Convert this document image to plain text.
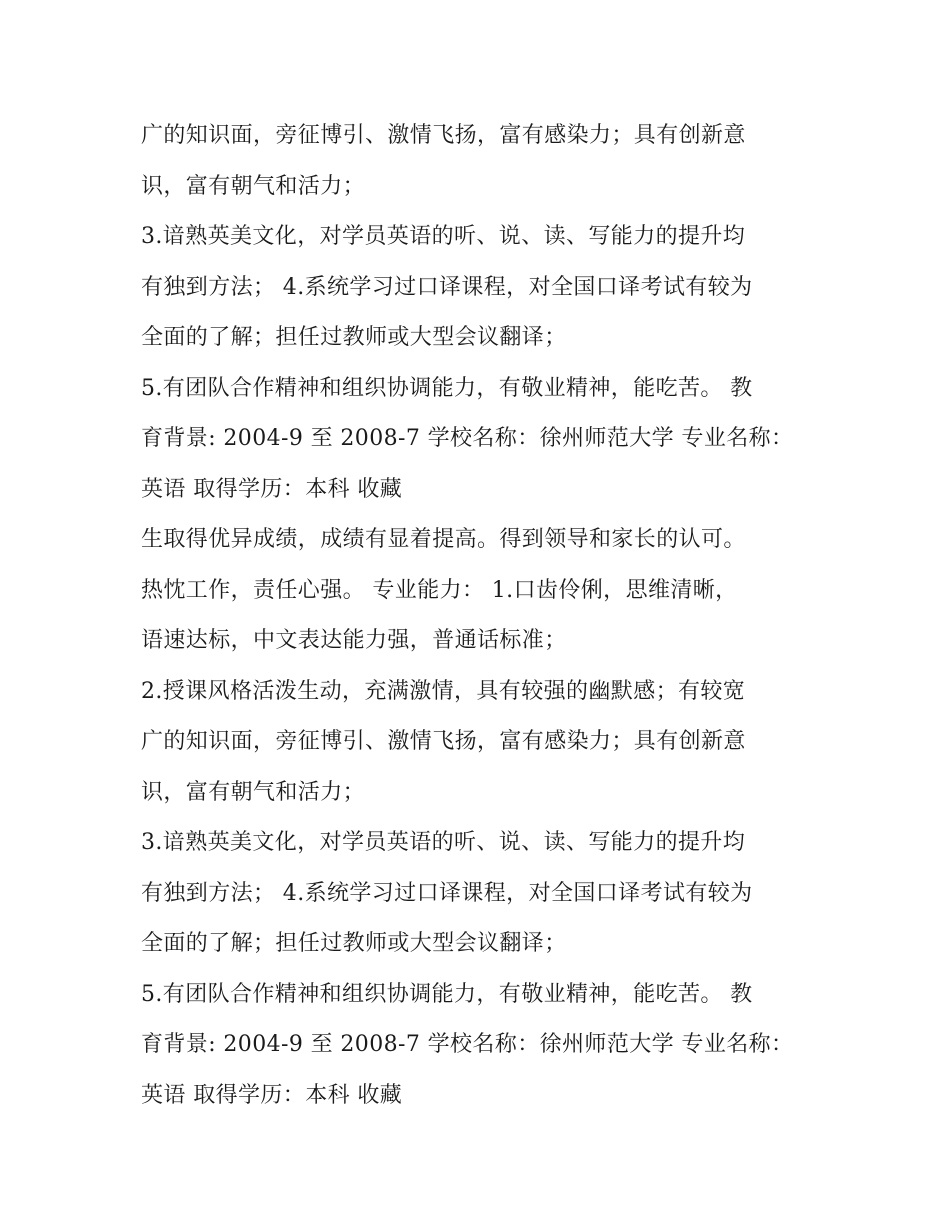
广的知识面，旁征博引、激情飞扬，富有感染力；具有创新意
识，富有朝气和活力；
3.谙熟英美文化，对学员英语的听、说、读、写能力的提升均
有独到方法； 4.系统学习过口译课程，对全国口译考试有较为
全面的了解；担任过教师或大型会议翻译；
5.有团队合作精神和组织协调能力，有敬业精神，能吃苦。 教
育背景: 2004-9 至 2008-7 学校名称：徐州师范大学 专业名称：
英语 取得学历：本科 收藏
生取得优异成绩，成绩有显着提高。得到领导和家长的认可。
热忱工作，责任心强。 专业能力： 1.口齿伶俐，思维清晰，
语速达标，中文表达能力强，普通话标准；
2.授课风格活泼生动，充满激情，具有较强的幽默感；有较宽
广的知识面，旁征博引、激情飞扬，富有感染力；具有创新意
识，富有朝气和活力；
3.谙熟英美文化，对学员英语的听、说、读、写能力的提升均
有独到方法； 4.系统学习过口译课程，对全国口译考试有较为
全面的了解；担任过教师或大型会议翻译；
5.有团队合作精神和组织协调能力，有敬业精神，能吃苦。 教
育背景: 2004-9 至 2008-7 学校名称：徐州师范大学 专业名称：
英语 取得学历：本科 收藏
